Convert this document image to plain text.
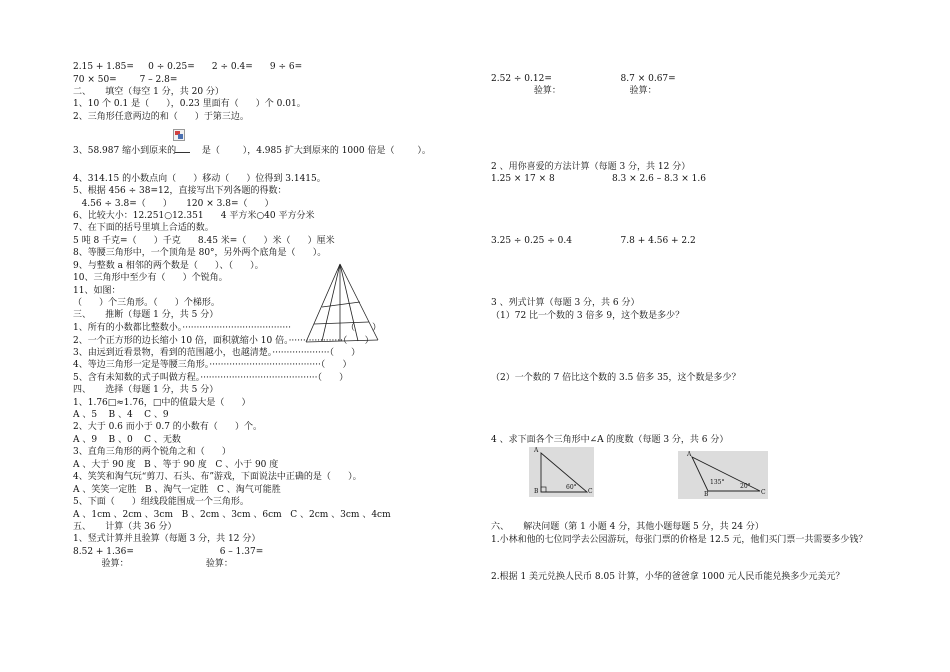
2.15 + 1.85=     0 ÷ 0.25=      2 ÷ 0.4=      9 ÷ 6=
70 × 50=        7 – 2.8=
二、     填空（每空 1 分，共 20 分）
1、10 个 0.1 是（      ），0.23 里面有（      ）个 0.01。
2、三角形任意两边的和（      ）于第三边。
3、58.987 缩小到原来的         是（        ），4.985 扩大到原来的 1000 倍是（        ）。
4、314.15 的小数点向（      ）移动（      ）位得到 3.1415。
5、根据 456 ÷ 38=12，直接写出下列各题的得数：
4.56 ÷ 3.8=（      ）     120 × 3.8=（      ）
6、比较大小：12.251○12.351      4 平方米○40 平方分米
7、在下面的括号里填上合适的数。
5 吨 8 千克=（      ）千克      8.45 米=（      ）米（      ）厘米
8、等腰三角形中，一个顶角是 80°，另外两个底角是（      ）。
9、与整数 a 相邻的两个数是（      ）、（      ）。
10、三角形中至少有（      ）个锐角。
11、如图：
（      ）个三角形。（      ）个梯形。
三、     推断（每题 1 分，共 5 分）
1、所有的小数都比整数小。······································	（      ）
2、一个正方形的边长缩小 10 倍，面积就缩小 10 倍。···················（      ）
3、由远到近看景物，看到的范围越小，也越清楚。····················（      ）
4、等边三角形一定是等腰三角形。·······································（      ）
5、含有未知数的式子叫做方程。·········································（      ）
四、     选择（每题 1 分，共 5 分）
1、1.76□≈1.76，□中的值最大是（      ）
A 、5    B 、4    C 、9
2、大于 0.6 而小于 0.7 的小数有（      ）个。
A 、9    B 、0    C 、无数
3、直角三角形的两个锐角之和（      ）
A 、大于 90 度   B 、等于 90 度   C 、小于 90 度
4、笑笑和淘气玩“剪刀、石头、布”游戏，下面说法中正确的是（      ）。
A 、笑笑一定胜   B 、淘气一定胜   C 、淘气可能胜
5、下面（      ）组线段能围成一个三角形。
A 、1cm 、2cm 、3cm   B 、2cm 、3cm 、6cm   C 、2cm 、3cm 、4cm
五、     计算（共 36 分）
1、竖式计算并且验算（每题 3 分，共 12 分）
8.52 + 1.36=                              6 – 1.37=
验算：                           验算：
2.52 ÷ 0.12=                        8.7 × 0.67=
验算：                        验算：
2 、用你喜爱的方法计算（每题 3 分，共 12 分）
1.25 × 17 × 8                    8.3 × 2.6 – 8.3 × 1.6
3.25 ÷ 0.25 ÷ 0.4                 7.8 + 4.56 + 2.2
3 、列式计算（每题 3 分，共 6 分）
（1）72 比一个数的 3 倍多 9，这个数是多少？
（2）一个数的 7 倍比这个数的 3.5 倍多 35，这个数是多少？
4 、求下面各个三角形中∠A 的度数（每题 3 分，共 6 分）
六、     解决问题（第 1 小题 4 分，其他小题每题 5 分，共 24 分）
1.小林和他的七位同学去公园游玩，每张门票的价格是 12.5 元，他们买门票一共需要多少钱？
2.根据 1 美元兑换人民币 8.05 计算，小华的爸爸拿 1000 元人民币能兑换多少元美元？
A
B	C
60°
A
B	C
135°
20°
